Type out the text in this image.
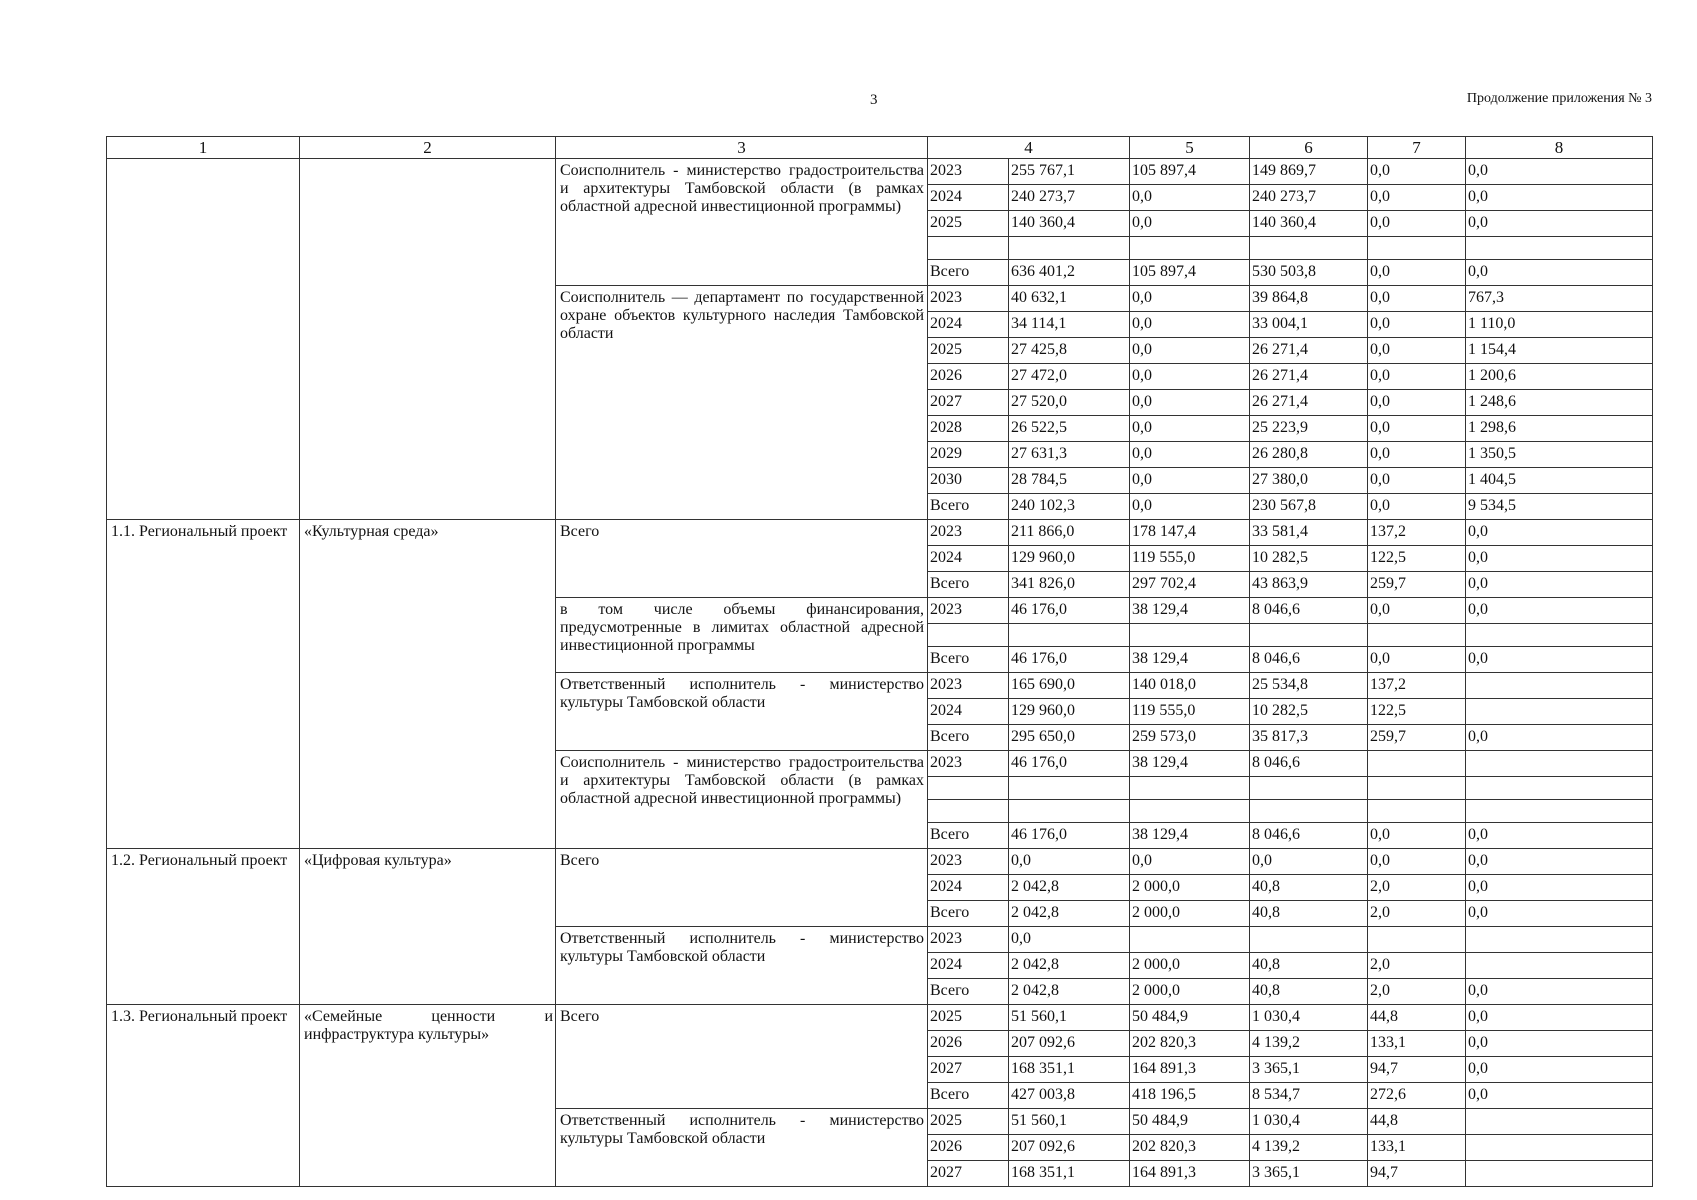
3	Продолжение приложения № 3
1	2	3	4		5	6	7	8
		Соисполнитель - министерство градостроительства и архитектуры Тамбовской области (в рамках областной адресной инвестиционной программы)	2023	255 767,1	105 897,4	149 869,7	0,0	0,0
			2024	240 273,7	0,0	240 273,7	0,0	0,0
			2025	140 360,4	0,0	140 360,4	0,0	0,0

			Всего	636 401,2	105 897,4	530 503,8	0,0	0,0
		Соисполнитель — департамент по государственной охране объектов культурного наследия Тамбовской области	2023	40 632,1	0,0	39 864,8	0,0	767,3
			2024	34 114,1	0,0	33 004,1	0,0	1 110,0
			2025	27 425,8	0,0	26 271,4	0,0	1 154,4
			2026	27 472,0	0,0	26 271,4	0,0	1 200,6
			2027	27 520,0	0,0	26 271,4	0,0	1 248,6
			2028	26 522,5	0,0	25 223,9	0,0	1 298,6
			2029	27 631,3	0,0	26 280,8	0,0	1 350,5
			2030	28 784,5	0,0	27 380,0	0,0	1 404,5
			Всего	240 102,3	0,0	230 567,8	0,0	9 534,5
1.1. Региональный проект	«Культурная среда»	Всего	2023	211 866,0	178 147,4	33 581,4	137,2	0,0
			2024	129 960,0	119 555,0	10 282,5	122,5	0,0
			Всего	341 826,0	297 702,4	43 863,9	259,7	0,0
		в том числе объемы финансирования, предусмотренные в лимитах областной адресной инвестиционной программы	2023	46 176,0	38 129,4	8 046,6	0,0	0,0

			Всего	46 176,0	38 129,4	8 046,6	0,0	0,0
		Ответственный исполнитель - министерство культуры Тамбовской области	2023	165 690,0	140 018,0	25 534,8	137,2	
			2024	129 960,0	119 555,0	10 282,5	122,5	
			Всего	295 650,0	259 573,0	35 817,3	259,7	0,0
		Соисполнитель - министерство градостроительства и архитектуры Тамбовской области (в рамках областной адресной инвестиционной программы)	2023	46 176,0	38 129,4	8 046,6		

			Всего	46 176,0	38 129,4	8 046,6	0,0	0,0
1.2. Региональный проект	«Цифровая культура»	Всего	2023	0,0	0,0	0,0	0,0	0,0
			2024	2 042,8	2 000,0	40,8	2,0	0,0
			Всего	2 042,8	2 000,0	40,8	2,0	0,0
		Ответственный исполнитель - министерство культуры Тамбовской области	2023	0,0				
			2024	2 042,8	2 000,0	40,8	2,0	
			Всего	2 042,8	2 000,0	40,8	2,0	0,0
1.3. Региональный проект	«Семейные ценности и инфраструктура культуры»	Всего	2025	51 560,1	50 484,9	1 030,4	44,8	0,0
			2026	207 092,6	202 820,3	4 139,2	133,1	0,0
			2027	168 351,1	164 891,3	3 365,1	94,7	0,0
			Всего	427 003,8	418 196,5	8 534,7	272,6	0,0
		Ответственный исполнитель - министерство культуры Тамбовской области	2025	51 560,1	50 484,9	1 030,4	44,8	
			2026	207 092,6	202 820,3	4 139,2	133,1	
			2027	168 351,1	164 891,3	3 365,1	94,7	
